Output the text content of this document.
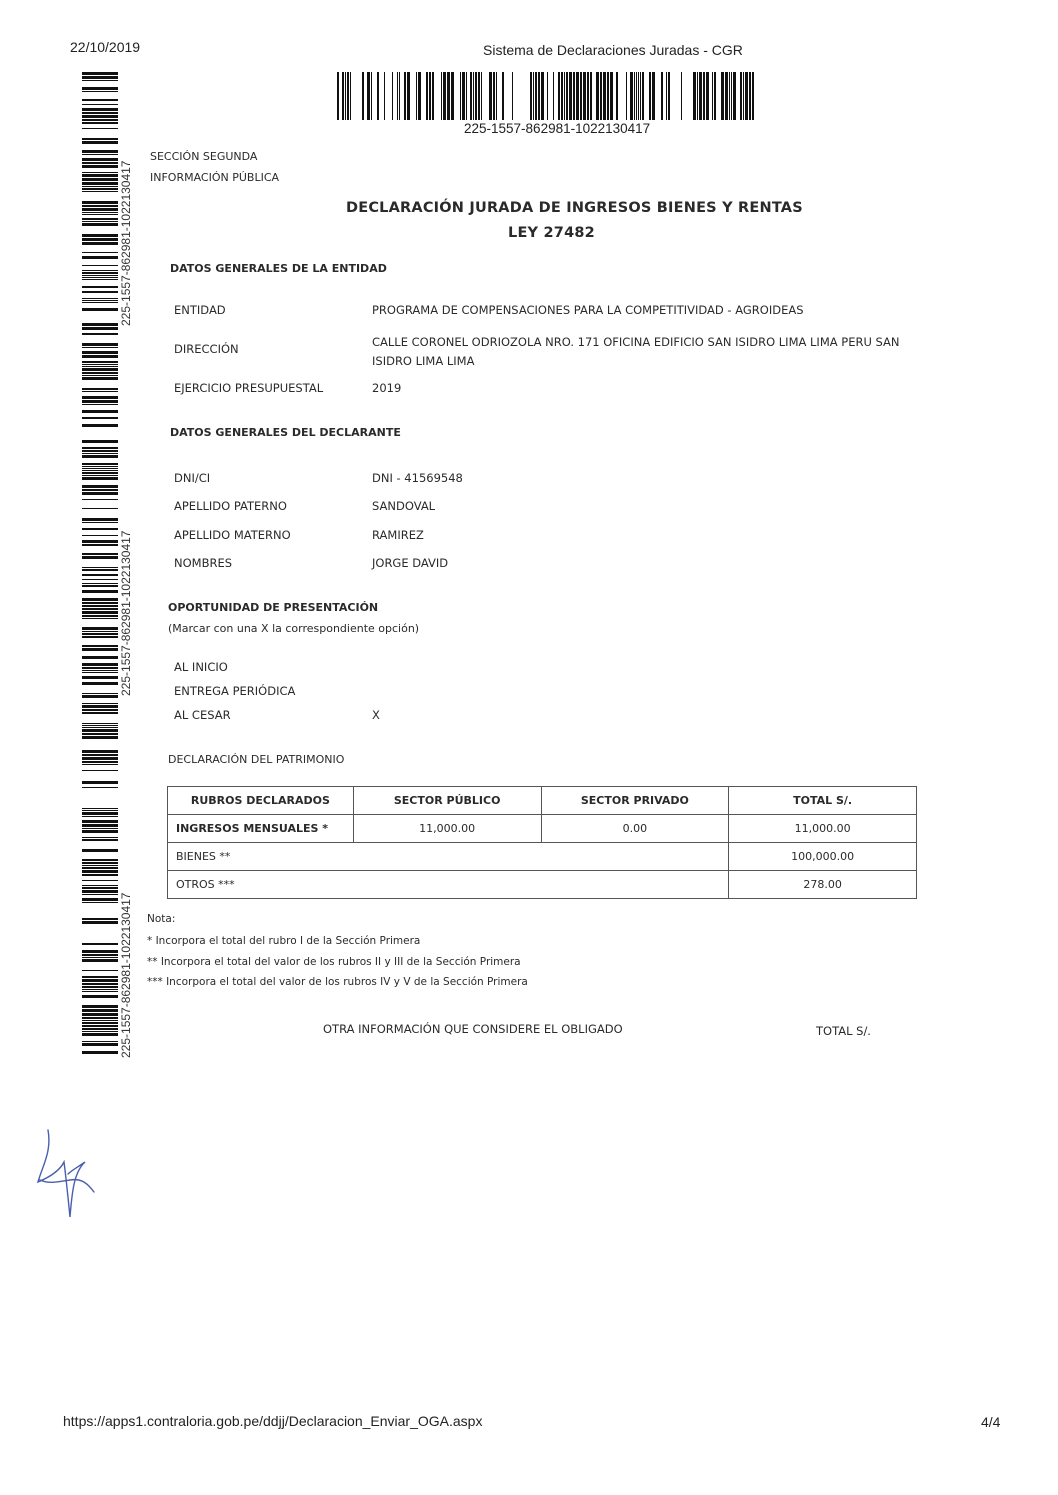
22/10/2019	Sistema de Declaraciones Juradas - CGR
225-1557-862981-1022130417
225-1557-862981-1022130417
225-1557-862981-1022130417
225-1557-862981-1022130417
SECCIÓN SEGUNDA
INFORMACIÓN PÚBLICA
DECLARACIÓN JURADA DE INGRESOS BIENES Y RENTAS
LEY 27482
DATOS GENERALES DE LA ENTIDAD
ENTIDAD	PROGRAMA DE COMPENSACIONES PARA LA COMPETITIVIDAD - AGROIDEAS
DIRECCIÓN	CALLE CORONEL ODRIOZOLA NRO. 171 OFICINA EDIFICIO SAN ISIDRO LIMA LIMA PERU SAN ISIDRO LIMA LIMA
EJERCICIO PRESUPUESTAL	2019
DATOS GENERALES DEL DECLARANTE
DNI/CI	DNI - 41569548
APELLIDO PATERNO	SANDOVAL
APELLIDO MATERNO	RAMIREZ
NOMBRES	JORGE DAVID
OPORTUNIDAD DE PRESENTACIÓN
(Marcar con una X la correspondiente opción)
AL INICIO
ENTREGA PERIÓDICA
AL CESAR	X
DECLARACIÓN DEL PATRIMONIO
RUBROS DECLARADOS	SECTOR PÚBLICO	SECTOR PRIVADO	TOTAL S/.
INGRESOS MENSUALES *	11,000.00	0.00	11,000.00
BIENES **			100,000.00
OTROS ***			278.00
Nota:
* Incorpora el total del rubro I de la Sección Primera
** Incorpora el total del valor de los rubros II y III de la Sección Primera
*** Incorpora el total del valor de los rubros IV y V de la Sección Primera
OTRA INFORMACIÓN QUE CONSIDERE EL OBLIGADO	TOTAL S/.
https://apps1.contraloria.gob.pe/ddjj/Declaracion_Enviar_OGA.aspx	4/4
